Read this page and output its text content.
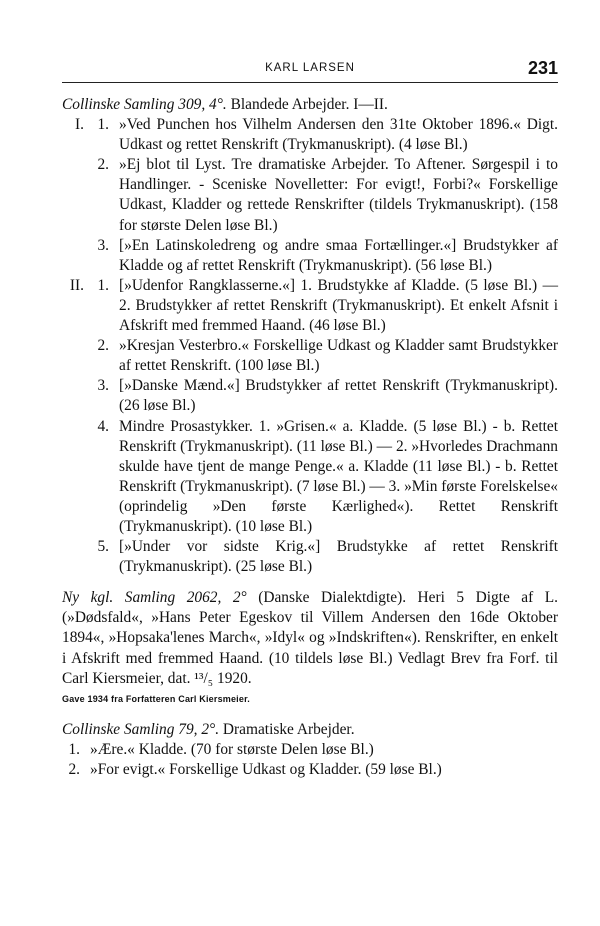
KARL LARSEN	231

Collinske Samling 309, 4°. Blandede Arbejder. I—II.

I. 1. »Ved Punchen hos Vilhelm Andersen den 31te Oktober 1896.« Digt. Udkast og rettet Renskrift (Trykmanuskript). (4 løse Bl.)
2. »Ej blot til Lyst. Tre dramatiske Arbejder. To Aftener. Sørgespil i to Handlinger. - Sceniske Novelletter: For evigt!, Forbi?« Forskellige Udkast, Kladder og rettede Renskrifter (tildels Trykmanuskript). (158 for største Delen løse Bl.)
3. [»En Latinskoledreng og andre smaa Fortællinger.«] Brudstykker af Kladde og af rettet Renskrift (Trykmanuskript). (56 løse Bl.)
II. 1. [»Udenfor Rangklasserne.«] 1. Brudstykke af Kladde. (5 løse Bl.) — 2. Brudstykker af rettet Renskrift (Trykmanuskript). Et enkelt Afsnit i Afskrift med fremmed Haand. (46 løse Bl.)
2. »Kresjan Vesterbro.« Forskellige Udkast og Kladder samt Brudstykker af rettet Renskrift. (100 løse Bl.)
3. [»Danske Mænd.«] Brudstykker af rettet Renskrift (Trykmanuskript). (26 løse Bl.)
4. Mindre Prosastykker. 1. »Grisen.« a. Kladde. (5 løse Bl.) - b. Rettet Renskrift (Trykmanuskript). (11 løse Bl.) — 2. »Hvorledes Drachmann skulde have tjent de mange Penge.« a. Kladde (11 løse Bl.) - b. Rettet Renskrift (Trykmanuskript). (7 løse Bl.) — 3. »Min første Forelskelse« (oprindelig »Den første Kærlighed«). Rettet Renskrift (Trykmanuskript). (10 løse Bl.)
5. [»Under vor sidste Krig.«] Brudstykke af rettet Renskrift (Trykmanuskript). (25 løse Bl.)

Ny kgl. Samling 2062, 2° (Danske Dialektdigte). Heri 5 Digte af L. (»Dødsfald«, »Hans Peter Egeskov til Villem Andersen den 16de Oktober 1894«, »Hopsaka'lenes March«, »Idyl« og »Indskriften«). Renskrifter, en enkelt i Afskrift med fremmed Haand. (10 tildels løse Bl.) Vedlagt Brev fra Forf. til Carl Kiersmeier, dat. ¹³/₅ 1920.

Gave 1934 fra Forfatteren Carl Kiersmeier.

Collinske Samling 79, 2°. Dramatiske Arbejder.

1. »Ære.« Kladde. (70 for største Delen løse Bl.)
2. »For evigt.« Forskellige Udkast og Kladder. (59 løse Bl.)
